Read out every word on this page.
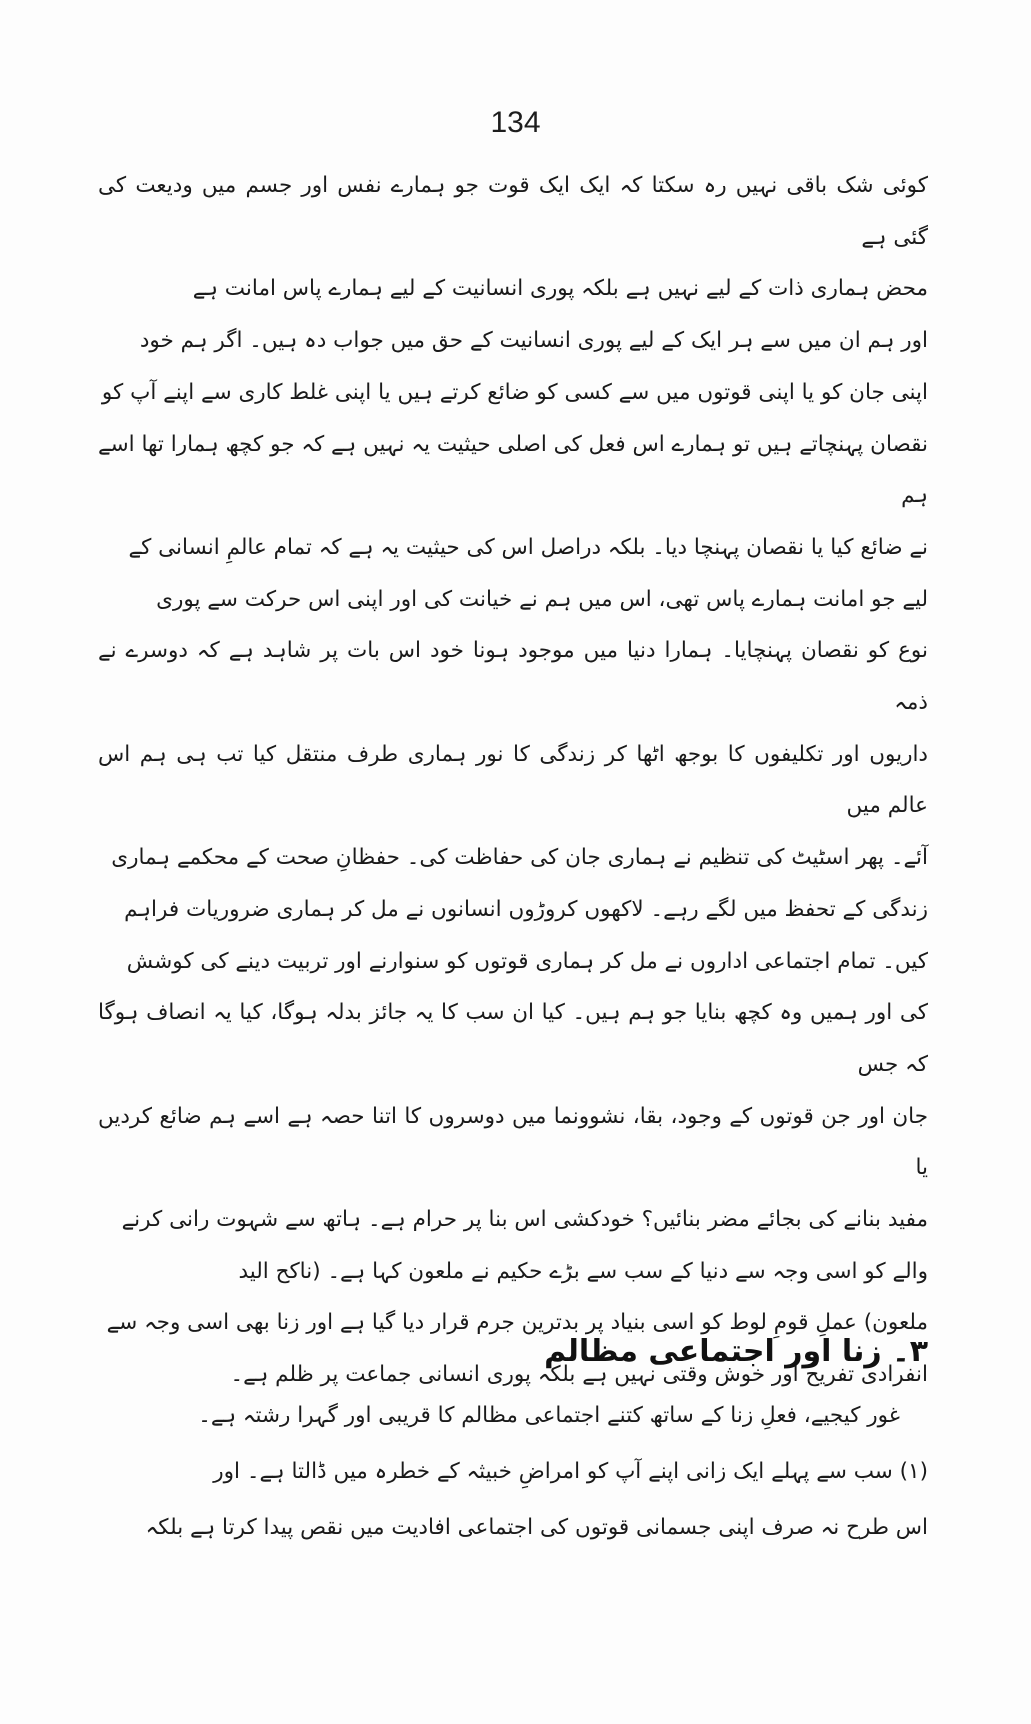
134

کوئی شک باقی نہیں رہ سکتا کہ ایک ایک قوت جو ہمارے نفس اور جسم میں ودیعت کی گئی ہے
محض ہماری ذات کے لیے نہیں ہے بلکہ پوری انسانیت کے لیے ہمارے پاس امانت ہے
اور ہم ان میں سے ہر ایک کے لیے پوری انسانیت کے حق میں جواب دہ ہیں۔ اگر ہم خود
اپنی جان کو یا اپنی قوتوں میں سے کسی کو ضائع کرتے ہیں یا اپنی غلط کاری سے اپنے آپ کو
نقصان پہنچاتے ہیں تو ہمارے اس فعل کی اصلی حیثیت یہ نہیں ہے کہ جو کچھ ہمارا تھا اسے ہم
نے ضائع کیا یا نقصان پہنچا دیا۔ بلکہ دراصل اس کی حیثیت یہ ہے کہ تمام عالمِ انسانی کے
لیے جو امانت ہمارے پاس تھی، اس میں ہم نے خیانت کی اور اپنی اس حرکت سے پوری
نوع کو نقصان پہنچایا۔ ہمارا دنیا میں موجود ہونا خود اس بات پر شاہد ہے کہ دوسرے نے ذمہ
داریوں اور تکلیفوں کا بوجھ اٹھا کر زندگی کا نور ہماری طرف منتقل کیا تب ہی ہم اس عالم میں
آئے۔ پھر اسٹیٹ کی تنظیم نے ہماری جان کی حفاظت کی۔ حفظانِ صحت کے محکمے ہماری
زندگی کے تحفظ میں لگے رہے۔ لاکھوں کروڑوں انسانوں نے مل کر ہماری ضروریات فراہم
کیں۔ تمام اجتماعی اداروں نے مل کر ہماری قوتوں کو سنوارنے اور تربیت دینے کی کوشش
کی اور ہمیں وہ کچھ بنایا جو ہم ہیں۔ کیا ان سب کا یہ جائز بدلہ ہوگا، کیا یہ انصاف ہوگا کہ جس
جان اور جن قوتوں کے وجود، بقا، نشوونما میں دوسروں کا اتنا حصہ ہے اسے ہم ضائع کردیں یا
مفید بنانے کی بجائے مضر بنائیں؟ خودکشی اس بنا پر حرام ہے۔ ہاتھ سے شہوت رانی کرنے
والے کو اسی وجہ سے دنیا کے سب سے بڑے حکیم نے ملعون کہا ہے۔ (ناکح الید
ملعون) عملِ قومِ لوط کو اسی بنیاد پر بدترین جرم قرار دیا گیا ہے اور زنا بھی اسی وجہ سے
انفرادی تفریح اور خوش وقتی نہیں ہے بلکہ پوری انسانی جماعت پر ظلم ہے۔

۳۔ زنا اور اجتماعی مظالم

غور کیجیے، فعلِ زنا کے ساتھ کتنے اجتماعی مظالم کا قریبی اور گہرا رشتہ ہے۔

(۱) سب سے پہلے ایک زانی اپنے آپ کو امراضِ خبیثہ کے خطرہ میں ڈالتا ہے۔ اور
اس طرح نہ صرف اپنی جسمانی قوتوں کی اجتماعی افادیت میں نقص پیدا کرتا ہے بلکہ
